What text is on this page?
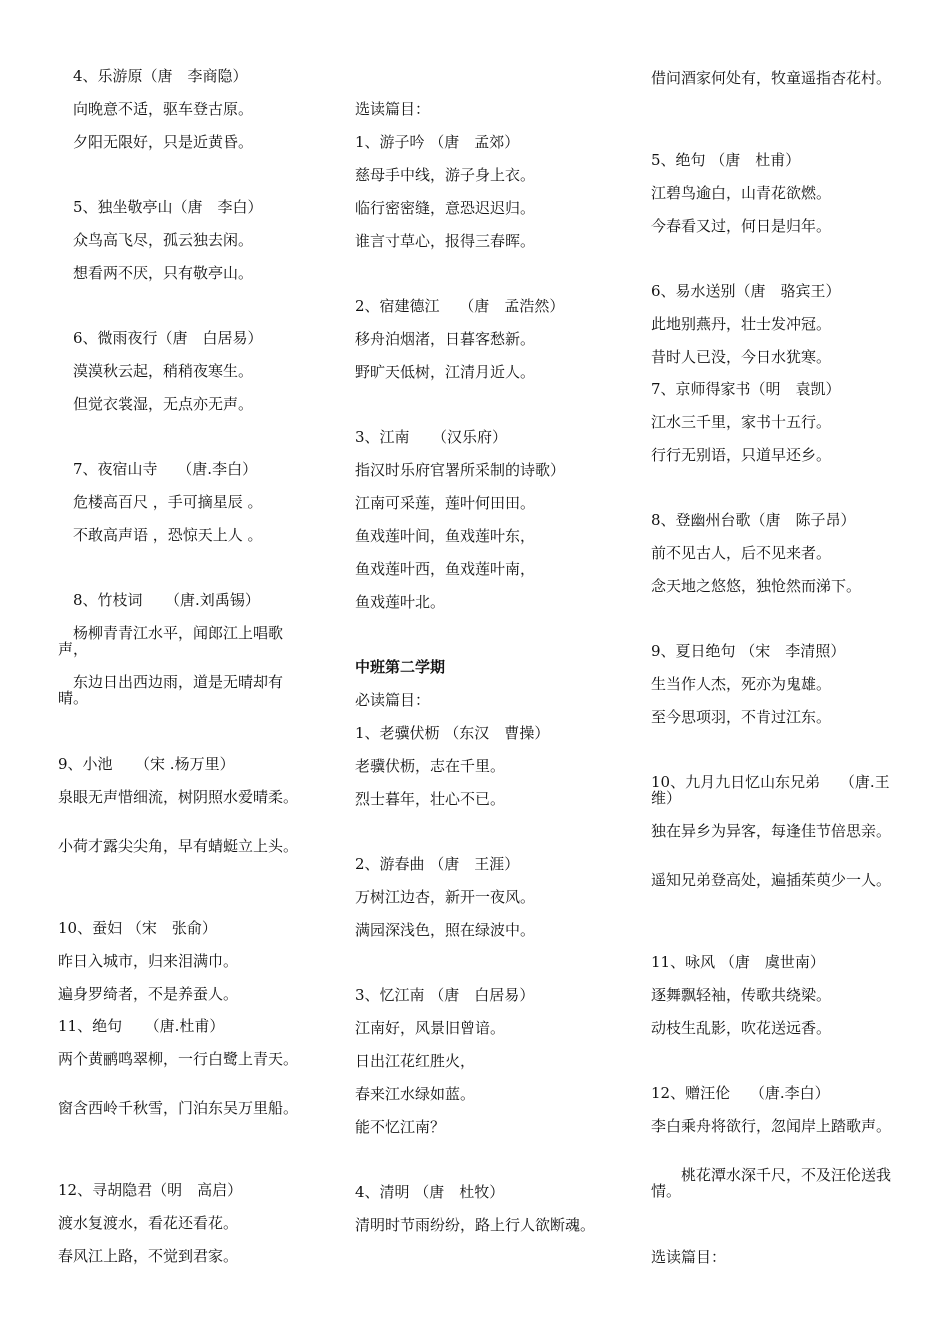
　4、乐游原（唐　李商隐）
　向晚意不适，驱车登古原。
　夕阳无限好，只是近黄昏。
　5、独坐敬亭山（唐　李白）
　众鸟高飞尽，孤云独去闲。
　想看两不厌，只有敬亭山。
　6、微雨夜行（唐　白居易）
　漠漠秋云起，稍稍夜寒生。
　但觉衣裳湿，无点亦无声。
　7、夜宿山寺　 （唐.李白）
　危楼高百尺 ，手可摘星辰 。
　不敢高声语 ，恐惊天上人 。
　8、竹枝词　　（唐.刘禹锡）
　杨柳青青江水平，闻郎江上唱歌声，
　东边日出西边雨，道是无晴却有晴。
9、小池　　（宋 .杨万里）
泉眼无声惜细流，树阴照水爱晴柔。
小荷才露尖尖角，早有蜻蜓立上头。
10、蚕妇 （宋　张俞）
昨日入城市，归来泪满巾。
遍身罗绮者，不是养蚕人。
11、绝句　　（唐.杜甫）
两个黄鹂鸣翠柳，一行白鹭上青天。
窗含西岭千秋雪，门泊东吴万里船。
12、寻胡隐君（明　高启）
渡水复渡水，看花还看花。
春风江上路，不觉到君家。
选读篇目：
1、游子吟 （唐　孟郊）
慈母手中线，游子身上衣。
临行密密缝，意恐迟迟归。
谁言寸草心，报得三春晖。
2、宿建德江　 （唐　孟浩然）
移舟泊烟渚，日暮客愁新。
野旷天低树，江清月近人。
3、江南　　（汉乐府）
指汉时乐府官署所采制的诗歌）
江南可采莲，莲叶何田田。
鱼戏莲叶间，鱼戏莲叶东，
鱼戏莲叶西，鱼戏莲叶南，
鱼戏莲叶北。
中班第二学期
必读篇目：
1、老骥伏枥 （东汉　曹操）
老骥伏枥，志在千里。
烈士暮年，壮心不已。
2、游春曲 （唐　王涯）
万树江边杏，新开一夜风。
满园深浅色，照在绿波中。
3、忆江南 （唐　白居易）
江南好，风景旧曾谙。
日出江花红胜火，
春来江水绿如蓝。
能不忆江南？
4、清明 （唐　杜牧）
清明时节雨纷纷，路上行人欲断魂。
借问酒家何处有，牧童遥指杏花村。
5、绝句 （唐　杜甫）
江碧鸟逾白，山青花欲燃。
今春看又过，何日是归年。
6、易水送别（唐　骆宾王）
此地别燕丹，壮士发冲冠。
昔时人已没，今日水犹寒。
7、京师得家书（明　袁凯）
江水三千里，家书十五行。
行行无别语，只道早还乡。
8、登幽州台歌（唐　陈子昂）
前不见古人，后不见来者。
念天地之悠悠，独怆然而涕下。
9、夏日绝句 （宋　李清照）
生当作人杰，死亦为鬼雄。
至今思项羽，不肯过江东。
10、九月九日忆山东兄弟　 （唐.王维）
独在异乡为异客，每逢佳节倍思亲。
遥知兄弟登高处，遍插茱萸少一人。
11、咏风 （唐　虞世南）
逐舞飘轻袖，传歌共绕梁。
动枝生乱影，吹花送远香。
12、赠汪伦　 （唐.李白）
李白乘舟将欲行，忽闻岸上踏歌声。
　　桃花潭水深千尺，不及汪伦送我情。
选读篇目：
